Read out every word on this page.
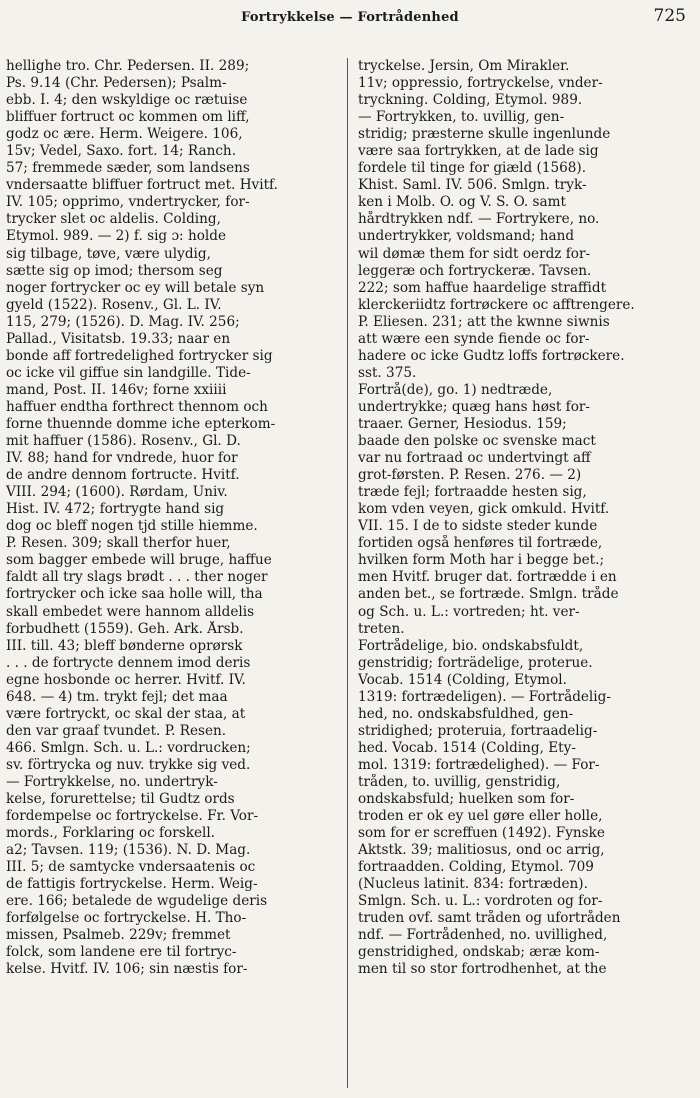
Fortrykkelse — Fortrådenhed	725
hellighe tro. Chr. Pedersen. II. 289;
Ps. 9.14 (Chr. Pedersen); Psalm-
ebb. I. 4; den wskyldige oc rætuise
bliffuer fortruct oc kommen om liff,
godz oc ære. Herm. Weigere. 106,
15v; Vedel, Saxo. fort. 14; Ranch.
57; fremmede sæder, som landsens
vndersaatte bliffuer fortruct met. Hvitf.
IV. 105; opprimo, vndertrycker, for-
trycker slet oc aldelis. Colding,
Etymol. 989. — 2) f. sig ɔ: holde
sig tilbage, tøve, være ulydig,
sætte sig op imod; thersom seg
noger fortrycker oc ey will betale syn
gyeld (1522). Rosenv., Gl. L. IV.
115, 279; (1526). D. Mag. IV. 256;
Pallad., Visitatsb. 19.33; naar en
bonde aff fortredelighed fortrycker sig
oc icke vil giffue sin landgille. Tide-
mand, Post. II. 146v; forne xxiiii
haffuer endtha forthrect thennom och
forne thuennde domme iche epterkom-
mit haffuer (1586). Rosenv., Gl. D.
IV. 88; hand for vndrede, huor for
de andre dennom fortructe. Hvitf.
VIII. 294; (1600). Rørdam, Univ.
Hist. IV. 472; fortrygte hand sig
dog oc bleff nogen tjd stille hiemme.
P. Resen. 309; skall therfor huer,
som bagger embede will bruge, haffue
faldt all try slags brødt . . . ther noger
fortrycker och icke saa holle will, tha
skall embedet were hannom alldelis
forbudhett (1559). Geh. Ark. Årsb.
III. till. 43; bleff bønderne oprørsk
. . . de fortrycte dennem imod deris
egne hosbonde oc herrer. Hvitf. IV.
648. — 4) tm. trykt fejl; det maa
være fortryckt, oc skal der staa, at
den var graaf tvundet. P. Resen.
466. Smlgn. Sch. u. L.: vordrucken;
sv. förtrycka og nuv. trykke sig ved.
— Fortrykkelse, no. undertryk-
kelse, forurettelse; til Gudtz ords
fordempelse oc fortryckelse. Fr. Vor-
mords., Forklaring oc forskell.
a2; Tavsen. 119; (1536). N. D. Mag.
III. 5; de samtycke vndersaatenis oc
de fattigis fortryckelse. Herm. Weig-
ere. 166; betalede de wgudelige deris
forfølgelse oc fortryckelse. H. Tho-
missen, Psalmeb. 229v; fremmet
folck, som landene ere til fortryc-
kelse. Hvitf. IV. 106; sin næstis for-
tryckelse. Jersin, Om Mirakler.
11v; oppressio, fortryckelse, vnder-
tryckning. Colding, Etymol. 989.
— Fortrykken, to. uvillig, gen-
stridig; præsterne skulle ingenlunde
være saa fortrykken, at de lade sig
fordele til tinge for giæld (1568).
Khist. Saml. IV. 506. Smlgn. tryk-
ken i Molb. O. og V. S. O. samt
hårdtrykken ndf. — Fortrykere, no.
undertrykker, voldsmand; hand
wil dømæ them for sidt oerdz for-
leggeræ och fortryckeræ. Tavsen.
222; som haffue haardelige straffidt
klerckeriidtz fortrøckere oc afftrengere.
P. Eliesen. 231; att the kwnne siwnis
att wære een synde fiende oc for-
hadere oc icke Gudtz loffs fortrøckere.
sst. 375.
Fortrå(de), go. 1) nedtræde,
undertrykke; quæg hans høst for-
traaer. Gerner, Hesiodus. 159;
baade den polske oc svenske mact
var nu fortraad oc undertvingt aff
grot-førsten. P. Resen. 276. — 2)
træde fejl; fortraadde hesten sig,
kom vden veyen, gick omkuld. Hvitf.
VII. 15. I de to sidste steder kunde
fortiden også henføres til fortræde,
hvilken form Moth har i begge bet.;
men Hvitf. bruger dat. fortrædde i en
anden bet., se fortræde. Smlgn. tråde
og Sch. u. L.: vortreden; ht. ver-
treten.
Fortrådelige, bio. ondskabsfuldt,
genstridig; forträdelige, proterue.
Vocab. 1514 (Colding, Etymol.
1319: fortrædeligen). — Fortrådelig-
hed, no. ondskabsfuldhed, gen-
stridighed; proteruia, fortraadelig-
hed. Vocab. 1514 (Colding, Ety-
mol. 1319: fortrædelighed). — For-
tråden, to. uvillig, genstridig,
ondskabsfuld; huelken som for-
troden er ok ey uel gøre eller holle,
som for er screffuen (1492). Fynske
Aktstk. 39; malitiosus, ond oc arrig,
fortraadden. Colding, Etymol. 709
(Nucleus latinit. 834: fortræden).
Smlgn. Sch. u. L.: vordroten og for-
truden ovf. samt tråden og ufortråden
ndf. — Fortrådenhed, no. uvillighed,
genstridighed, ondskab; æræ kom-
men til so stor fortrodhenhet, at the
